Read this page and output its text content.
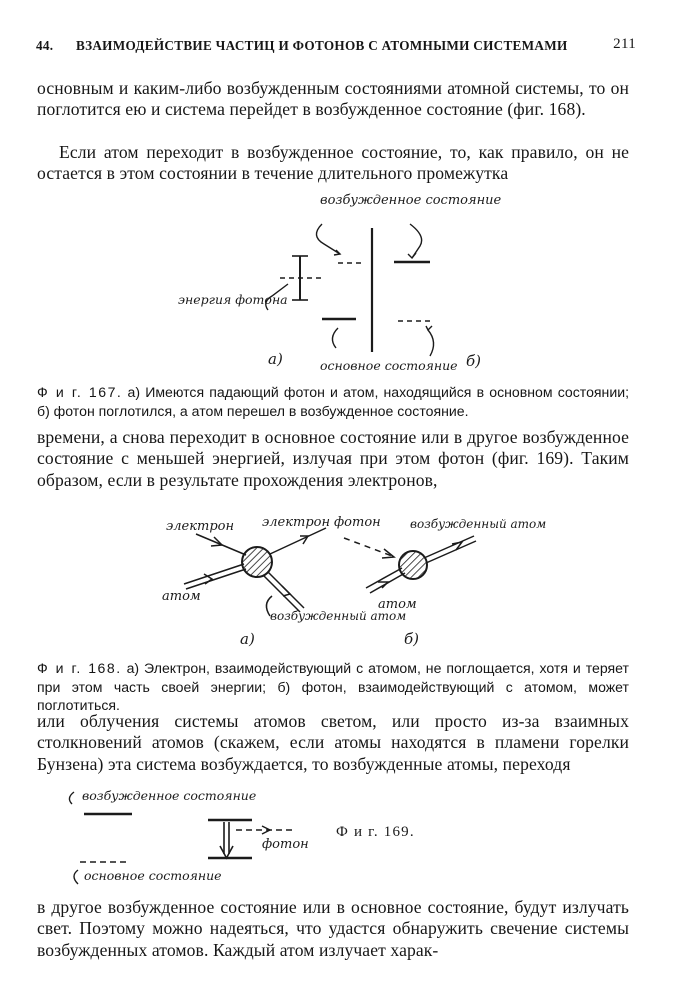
44. ВЗАИМОДЕЙСТВИЕ ЧАСТИЦ И ФОТОНОВ С АТОМНЫМИ СИСТЕМАМИ	211

основным и каким-либо возбужденным состояниями атомной системы, то он поглотится ею и система перейдет в возбужденное состояние (фиг. 168).

Если атом переходит в возбужденное состояние, то, как правило, он не остается в этом состоянии в течение длительного промежутка

возбужденное состояние
энергия фотона
основное состояние
а)	б)

Ф и г. 167. а) Имеются падающий фотон и атом, находящийся в основном состоянии; б) фотон поглотился, а атом перешел в возбужденное состояние.

времени, а снова переходит в основное состояние или в другое возбужденное состояние с меньшей энергией, излучая при этом фотон (фиг. 169). Таким образом, если в результате прохождения электронов,

электрон электрон
атом
возбужденный атом
фотон возбужденный атом
атом
а)	б)

Ф и г. 168. а) Электрон, взаимодействующий с атомом, не поглощается, хотя и теряет при этом часть своей энергии; б) фотон, взаимодействующий с атомом, может поглотиться.

или облучения системы атомов светом, или просто из-за взаимных столкновений атомов (скажем, если атомы находятся в пламени горелки Бунзена) эта система возбуждается, то возбужденные атомы, переходя

возбужденное состояние
основное состояние
фотон
Ф и г. 169.

в другое возбужденное состояние или в основное состояние, будут излучать свет. Поэтому можно надеяться, что удастся обнаружить свечение системы возбужденных атомов. Каждый атом излучает харак-
